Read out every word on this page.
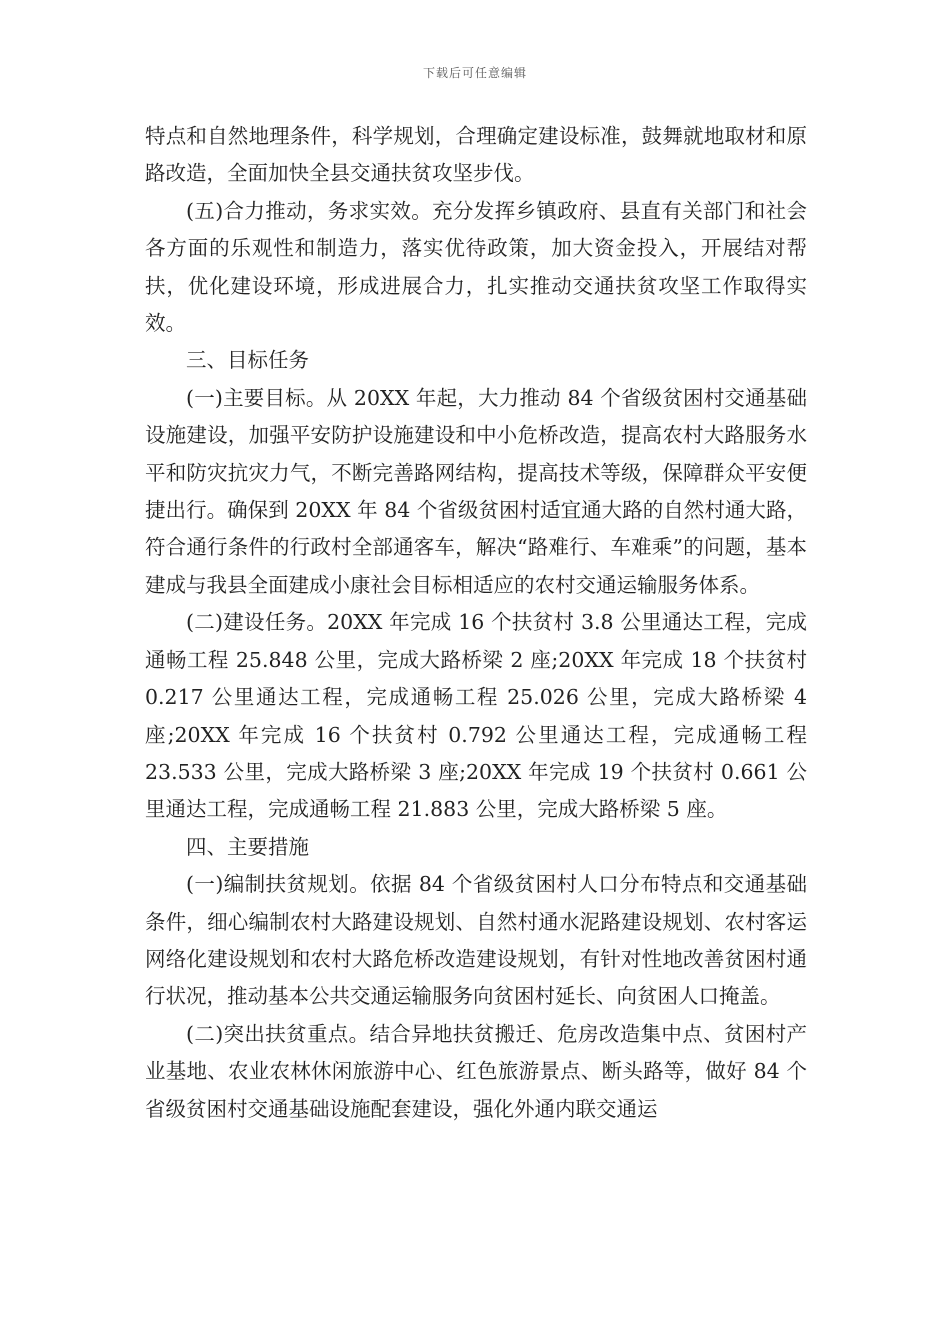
下载后可任意编辑

特点和自然地理条件，科学规划，合理确定建设标准，鼓舞就地取材和原路改造，全面加快全县交通扶贫攻坚步伐。

(五)合力推动，务求实效。充分发挥乡镇政府、县直有关部门和社会各方面的乐观性和制造力，落实优待政策，加大资金投入，开展结对帮扶，优化建设环境，形成进展合力，扎实推动交通扶贫攻坚工作取得实效。

三、目标任务

(一)主要目标。从 20XX 年起，大力推动 84 个省级贫困村交通基础设施建设，加强平安防护设施建设和中小危桥改造，提高农村大路服务水平和防灾抗灾力气，不断完善路网结构，提高技术等级，保障群众平安便捷出行。确保到 20XX 年 84 个省级贫困村适宜通大路的自然村通大路，符合通行条件的行政村全部通客车，解决“路难行、车难乘”的问题，基本建成与我县全面建成小康社会目标相适应的农村交通运输服务体系。

(二)建设任务。20XX 年完成 16 个扶贫村 3.8 公里通达工程，完成通畅工程 25.848 公里，完成大路桥梁 2 座;20XX 年完成 18 个扶贫村 0.217 公里通达工程，完成通畅工程 25.026 公里，完成大路桥梁 4 座;20XX 年完成 16 个扶贫村 0.792 公里通达工程，完成通畅工程 23.533 公里，完成大路桥梁 3 座;20XX 年完成 19 个扶贫村 0.661 公里通达工程，完成通畅工程 21.883 公里，完成大路桥梁 5 座。

四、主要措施

(一)编制扶贫规划。依据 84 个省级贫困村人口分布特点和交通基础条件，细心编制农村大路建设规划、自然村通水泥路建设规划、农村客运网络化建设规划和农村大路危桥改造建设规划，有针对性地改善贫困村通行状况，推动基本公共交通运输服务向贫困村延长、向贫困人口掩盖。

(二)突出扶贫重点。结合异地扶贫搬迁、危房改造集中点、贫困村产业基地、农业农林休闲旅游中心、红色旅游景点、断头路等，做好 84 个省级贫困村交通基础设施配套建设，强化外通内联交通运
